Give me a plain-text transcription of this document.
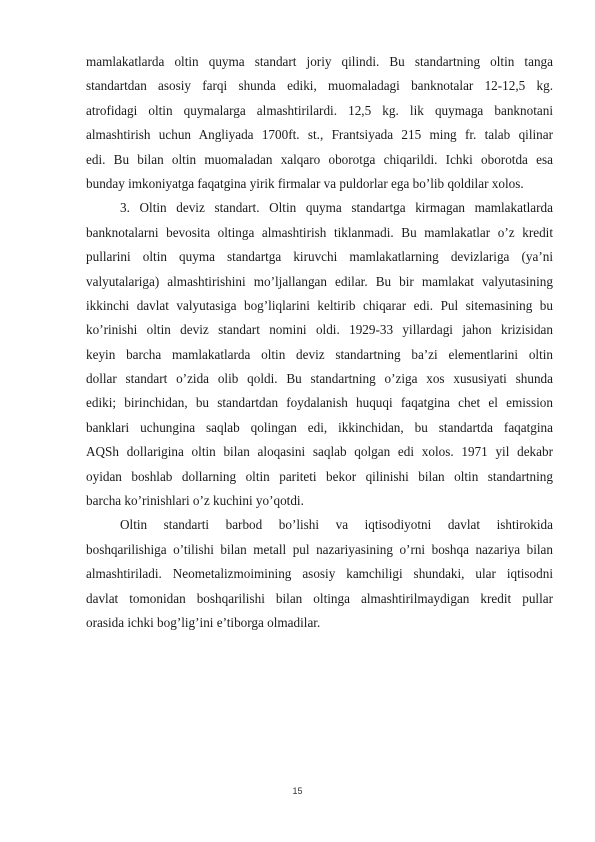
mamlakatlarda oltin quyma standart joriy qilindi. Bu standartning oltin tanga
standartdan asosiy farqi shunda ediki, muomaladagi banknotalar 12-12,5 kg.
atrofidagi oltin quymalarga almashtirilardi. 12,5 kg. lik quymaga banknotani
almashtirish uchun Angliyada 1700ft. st., Frantsiyada 215 ming fr. talab qilinar
edi. Bu bilan oltin muomaladan xalqaro oborotga chiqarildi. Ichki oborotda esa
bunday imkoniyatga faqatgina yirik firmalar va puldorlar ega bo’lib qoldilar xolos.
3. Oltin deviz standart. Oltin quyma standartga kirmagan mamlakatlarda
banknotalarni bevosita oltinga almashtirish tiklanmadi. Bu mamlakatlar o’z kredit
pullarini oltin quyma standartga kiruvchi mamlakatlarning devizlariga (ya’ni
valyutalariga) almashtirishini mo’ljallangan edilar. Bu bir mamlakat valyutasining
ikkinchi davlat valyutasiga bog’liqlarini keltirib chiqarar edi. Pul sitemasining bu
ko’rinishi oltin deviz standart nomini oldi. 1929-33 yillardagi jahon krizisidan
keyin barcha mamlakatlarda oltin deviz standartning ba’zi elementlarini oltin
dollar standart o’zida olib qoldi. Bu standartning o’ziga xos xususiyati shunda
ediki; birinchidan, bu standartdan foydalanish huquqi faqatgina chet el emission
banklari uchungina saqlab qolingan edi, ikkinchidan, bu standartda faqatgina
AQSh dollarigina oltin bilan aloqasini saqlab qolgan edi xolos. 1971 yil dekabr
oyidan boshlab dollarning oltin pariteti bekor qilinishi bilan oltin standartning
barcha ko’rinishlari o’z kuchini yo’qotdi.
Oltin standarti barbod bo’lishi va iqtisodiyotni davlat ishtirokida
boshqarilishiga o’tilishi bilan metall pul nazariyasining o’rni boshqa nazariya bilan
almashtiriladi. Neometalizmoimining asosiy kamchiligi shundaki, ular iqtisodni
davlat tomonidan boshqarilishi bilan oltinga almashtirilmaydigan kredit pullar
orasida ichki bog’lig’ini e’tiborga olmadilar.
15
